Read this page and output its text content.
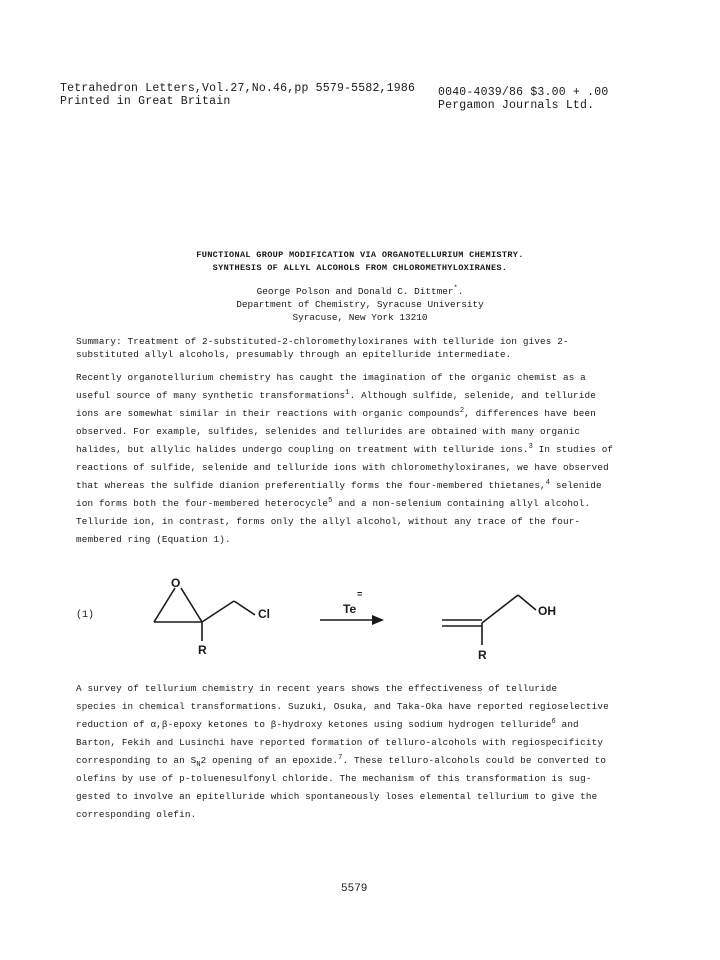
Tetrahedron Letters,Vol.27,No.46,pp 5579-5582,1986
Printed in Great Britain
0040-4039/86 $3.00 + .00
Pergamon Journals Ltd.
FUNCTIONAL GROUP MODIFICATION VIA ORGANOTELLURIUM CHEMISTRY.
SYNTHESIS OF ALLYL ALCOHOLS FROM CHLOROMETHYLOXIRANES.
George Polson and Donald C. Dittmer*.
Department of Chemistry, Syracuse University
Syracuse, New York 13210
Summary: Treatment of 2-substituted-2-chloromethyloxiranes with telluride ion gives 2-
substituted allyl alcohols, presumably through an epitelluride intermediate.
Recently organotellurium chemistry has caught the imagination of the organic chemist as a
useful source of many synthetic transformations$^1$. Although sulfide, selenide, and telluride
ions are somewhat similar in their reactions with organic compounds$^2$, differences have been
observed. For example, sulfides, selenides and tellurides are obtained with many organic
halides, but allylic halides undergo coupling on treatment with telluride ions.$^3$ In studies of
reactions of sulfide, selenide and telluride ions with chloromethyloxiranes, we have observed
that whereas the sulfide dianion preferentially forms the four-membered thietanes,$^4$ selenide
ion forms both the four-membered heterocycle$^5$ and a non-selenium containing allyl alcohol.
Telluride ion, in contrast, forms only the allyl alcohol, without any trace of the four-
membered ring (Equation 1).
(1)
O
Cl
R
Te
=
OH
R
A survey of tellurium chemistry in recent years shows the effectiveness of telluride
species in chemical transformations. Suzuki, Osuka, and Taka-Oka have reported regioselective
reduction of α,β-epoxy ketones to β-hydroxy ketones using sodium hydrogen telluride$^6$ and
Barton, Fekih and Lusinchi have reported formation of telluro-alcohols with regiospecificity
corresponding to an $S_N2$ opening of an epoxide.$^7$. These telluro-alcohols could be converted to
olefins by use of p-toluenesulfonyl chloride. The mechanism of this transformation is sug-
gested to involve an epitelluride which spontaneously loses elemental tellurium to give the
corresponding olefin.
5579
